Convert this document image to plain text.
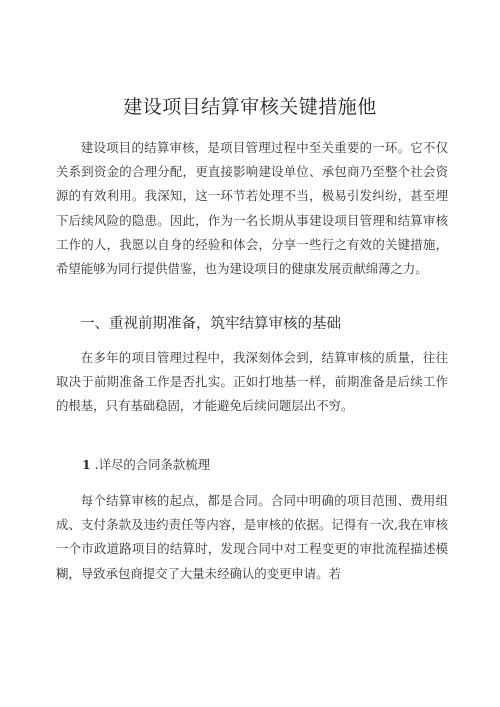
建设项目结算审核关键措施他

建设项目的结算审核，是项目管理过程中至关重要的一环。它不仅关系到资金的合理分配，更直接影响建设单位、承包商乃至整个社会资源的有效利用。我深知，这一环节若处理不当，极易引发纠纷，甚至埋下后续风险的隐患。因此，作为一名长期从事建设项目管理和结算审核工作的人，我愿以自身的经验和体会，分享一些行之有效的关键措施，希望能够为同行提供借鉴，也为建设项目的健康发展贡献绵薄之力。

一、重视前期准备，筑牢结算审核的基础

在多年的项目管理过程中，我深刻体会到，结算审核的质量，往往取决于前期准备工作是否扎实。正如打地基一样，前期准备是后续工作的根基，只有基础稳固，才能避免后续问题层出不穷。

1 .详尽的合同条款梳理

每个结算审核的起点，都是合同。合同中明确的项目范围、费用组成、支付条款及违约责任等内容，是审核的依据。记得有一次,我在审核一个市政道路项目的结算时，发现合同中对工程变更的审批流程描述模糊，导致承包商提交了大量未经确认的变更申请。若
